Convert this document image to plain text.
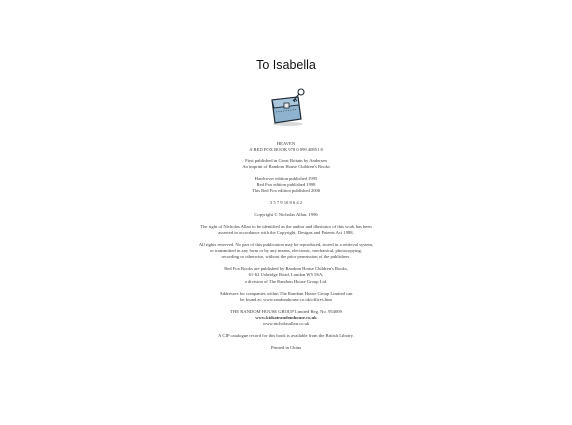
To Isabella
HEAVEN
A RED FOX BOOK 978 0 099 40851 8
First published in Great Britain by Andersen
An imprint of Random House Children's Books
Hardcover edition published 1995
Red Fox edition published 1998
This Red Fox edition published 2006
3 5 7 9 10 8 6 4 2
Copyright © Nicholas Allan, 1996
The right of Nicholas Allan to be identified as the author and illustrator of this work has been
asserted in accordance with the Copyright, Designs and Patents Act 1988.
All rights reserved. No part of this publication may be reproduced, stored in a retrieval system,
or transmitted in any form or by any means, electronic, mechanical, photocopying,
recording or otherwise, without the prior permission of the publishers.
Red Fox Books are published by Random House Children's Books,
61-63 Uxbridge Road, London W5 5SA,
a division of The Random House Group Ltd.
Addresses for companies within The Random House Group Limited can
be found at: www.randomhouse.co.uk/offices.htm
THE RANDOM HOUSE GROUP Limited Reg. No. 954009
www.kidsatrandomhouse.co.uk
www.nicholasallan.co.uk
A CIP catalogue record for this book is available from the British Library.
Printed in China
